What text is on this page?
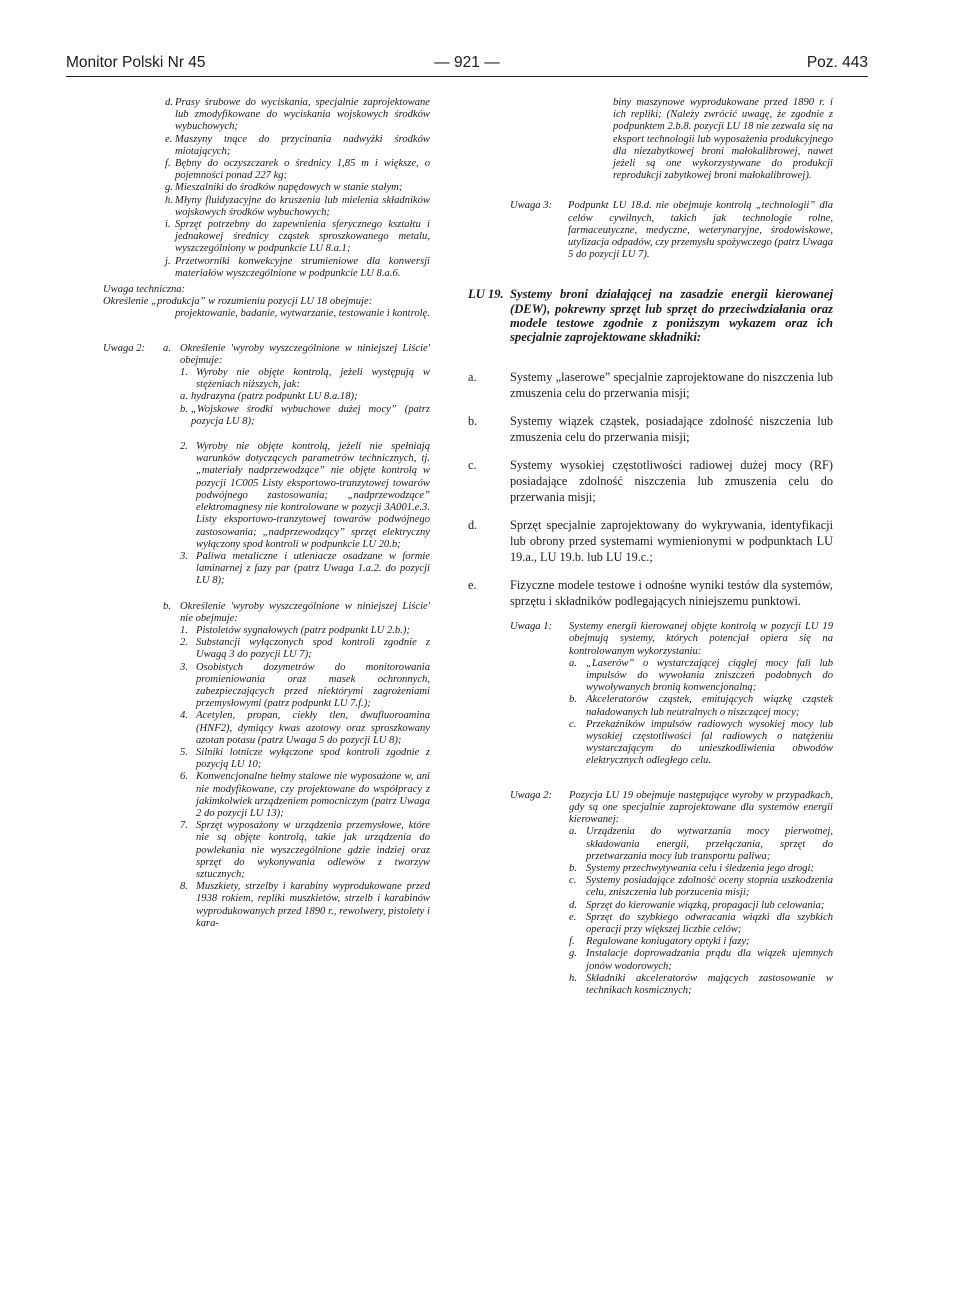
Monitor Polski Nr 45	— 921 —	Poz. 443
d. Prasy śrubowe do wyciskania, specjalnie zaprojektowane lub zmodyfikowane do wyciskania wojskowych środków wybuchowych;
e. Maszyny tnące do przycinania nadwyżki środków miotających;
f. Bębny do oczyszczarek o średnicy 1,85 m i większe, o pojemności ponad 227 kg;
g. Mieszalniki do środków napędowych w stanie stałym;
h. Młyny fluidyzacyjne do kruszenia lub mielenia składników wojskowych środków wybuchowych;
i. Sprzęt potrzebny do zapewnienia sferycznego kształtu i jednakowej średnicy cząstek sproszkowanego metalu, wyszczególniony w podpunkcie LU 8.a.1;
j. Przetworniki konwekcyjne strumieniowe dla konwersji materiałów wyszczególnione w podpunkcie LU 8.a.6.
Uwaga techniczna:
Określenie „produkcja” w rozumieniu pozycji LU 18 obejmuje:
projektowanie, badanie, wytwarzanie, testowanie i kontrolę.
Uwaga 2: a. Określenie 'wyroby wyszczególnione w niniejszej Liście' obejmuje:
1. Wyroby nie objęte kontrolą, jeżeli występują w stężeniach niższych, jak:
a. hydrazyna (patrz podpunkt LU 8.a.18);
b. „Wojskowe środki wybuchowe dużej mocy” (patrz pozycja LU 8);
2. Wyroby nie objęte kontrolą, jeżeli nie spełniają warunków dotyczących parametrów technicznych, tj. „materiały nadprzewodzące” nie objęte kontrolą w pozycji 1C005 Listy eksportowo-tranzytowej towarów podwójnego zastosowania; „nadprzewodzące” elektromagnesy nie kontrolowane w pozycji 3A001.e.3. Listy eksportowo-tranzytowej towarów podwójnego zastosowania; „nadprzewodzący” sprzęt elektryczny wyłączony spod kontroli w podpunkcie LU 20.b;
3. Paliwa metaliczne i utleniacze osadzane w formie laminarnej z fazy par (patrz Uwaga 1.a.2. do pozycji LU 8);
b. Określenie 'wyroby wyszczególnione w niniejszej Liście' nie obejmuje:
1. Pistoletów sygnałowych (patrz podpunkt LU 2.b.);
2. Substancji wyłączonych spod kontroli zgodnie z Uwagą 3 do pozycji LU 7);
3. Osobistych dozymetrów do monitorowania promieniowania oraz masek ochronnych, zabezpieczających przed niektórymi zagrożeniami przemysłowymi (patrz podpunkt LU 7.f.);
4. Acetylen, propan, ciekły tlen, dwufluoroamina (HNF2), dymiący kwas azotowy oraz sproszkowany azotan potasu (patrz Uwaga 5 do pozycji LU 8);
5. Silniki lotnicze wyłączone spod kontroli zgodnie z pozycją LU 10;
6. Konwencjonalne hełmy stalowe nie wyposażone w, ani nie modyfikowane, czy projektowane do współpracy z jakimkolwiek urządzeniem pomocniczym (patrz Uwaga 2 do pozycji LU 13);
7. Sprzęt wyposażony w urządzenia przemysłowe, które nie są objęte kontrolą, takie jak urządzenia do powlekania nie wyszczególnione gdzie indziej oraz sprzęt do wykonywania odlewów z tworzyw sztucznych;
8. Muszkiety, strzelby i karabiny wyprodukowane przed 1938 rokiem, repliki muszkietów, strzelb i karabinów wyprodukowanych przed 1890 r., rewolwery, pistolety i kara-
biny maszynowe wyprodukowane przed 1890 r. i ich repliki; (Należy zwrócić uwagę, że zgodnie z podpunktem 2.b.8. pozycji LU 18 nie zezwala się na eksport technologii lub wyposażenia produkcyjnego dla niezabytkowej broni małokalibrowej, nawet jeżeli są one wykorzystywane do produkcji reprodukcji zabytkowej broni małokalibrowej).
Uwaga 3:	Podpunkt LU 18.d. nie obejmuje kontrolą „technologii” dla celów cywilnych, takich jak technologie rolne, farmaceutyczne, medyczne, weterynaryjne, środowiskowe, utylizacja odpadów, czy przemysłu spożywczego (patrz Uwaga 5 do pozycji LU 7).
LU 19. Systemy broni działającej na zasadzie energii kierowanej (DEW), pokrewny sprzęt lub sprzęt do przeciwdziałania oraz modele testowe zgodnie z poniższym wykazem oraz ich specjalnie zaprojektowane składniki:
a.	Systemy „laserowe” specjalnie zaprojektowane do niszczenia lub zmuszenia celu do przerwania misji;
b.	Systemy wiązek cząstek, posiadające zdolność niszczenia lub zmuszenia celu do przerwania misji;
c.	Systemy wysokiej częstotliwości radiowej dużej mocy (RF) posiadające zdolność niszczenia lub zmuszenia celu do przerwania misji;
d.	Sprzęt specjalnie zaprojektowany do wykrywania, identyfikacji lub obrony przed systemami wymienionymi w podpunktach LU 19.a., LU 19.b. lub LU 19.c.;
e.	Fizyczne modele testowe i odnośne wyniki testów dla systemów, sprzętu i składników podlegających niniejszemu punktowi.
Uwaga 1: Systemy energii kierowanej objęte kontrolą w pozycji LU 19 obejmują systemy, których potencjał opiera się na kontrolowanym wykorzystaniu:
a. „Laserów” o wystarczającej ciągłej mocy fali lub impulsów do wywołania zniszczeń podobnych do wywoływanych bronią konwencjonalną;
b. Akceleratorów cząstek, emitujących wiązkę cząstek naładowanych lub neutralnych o niszczącej mocy;
c. Przekaźników impulsów radiowych wysokiej mocy lub wysokiej częstotliwości fal radiowych o natężeniu wystarczającym do unieszkodliwienia obwodów elektrycznych odległego celu.
Uwaga 2: Pozycja LU 19 obejmuje następujące wyroby w przypadkach, gdy są one specjalnie zaprojektowane dla systemów energii kierowanej:
a. Urządzenia do wytwarzania mocy pierwotnej, składowania energii, przełączania, sprzęt do przetwarzania mocy lub transportu paliwa;
b. Systemy przechwytywania celu i śledzenia jego drogi;
c. Systemy posiadające zdolność oceny stopnia uszkodzenia celu, zniszczenia lub porzucenia misji;
d. Sprzęt do kierowanie wiązką, propagacji lub celowania;
e. Sprzęt do szybkiego odwracania wiązki dla szybkich operacji przy większej liczbie celów;
f. Regulowane koniugatory optyki i fazy;
g. Instalacje doprowadzania prądu dla wiązek ujemnych jonów wodorowych;
h. Składniki akceleratorów mających zastosowanie w technikach kosmicznych;
